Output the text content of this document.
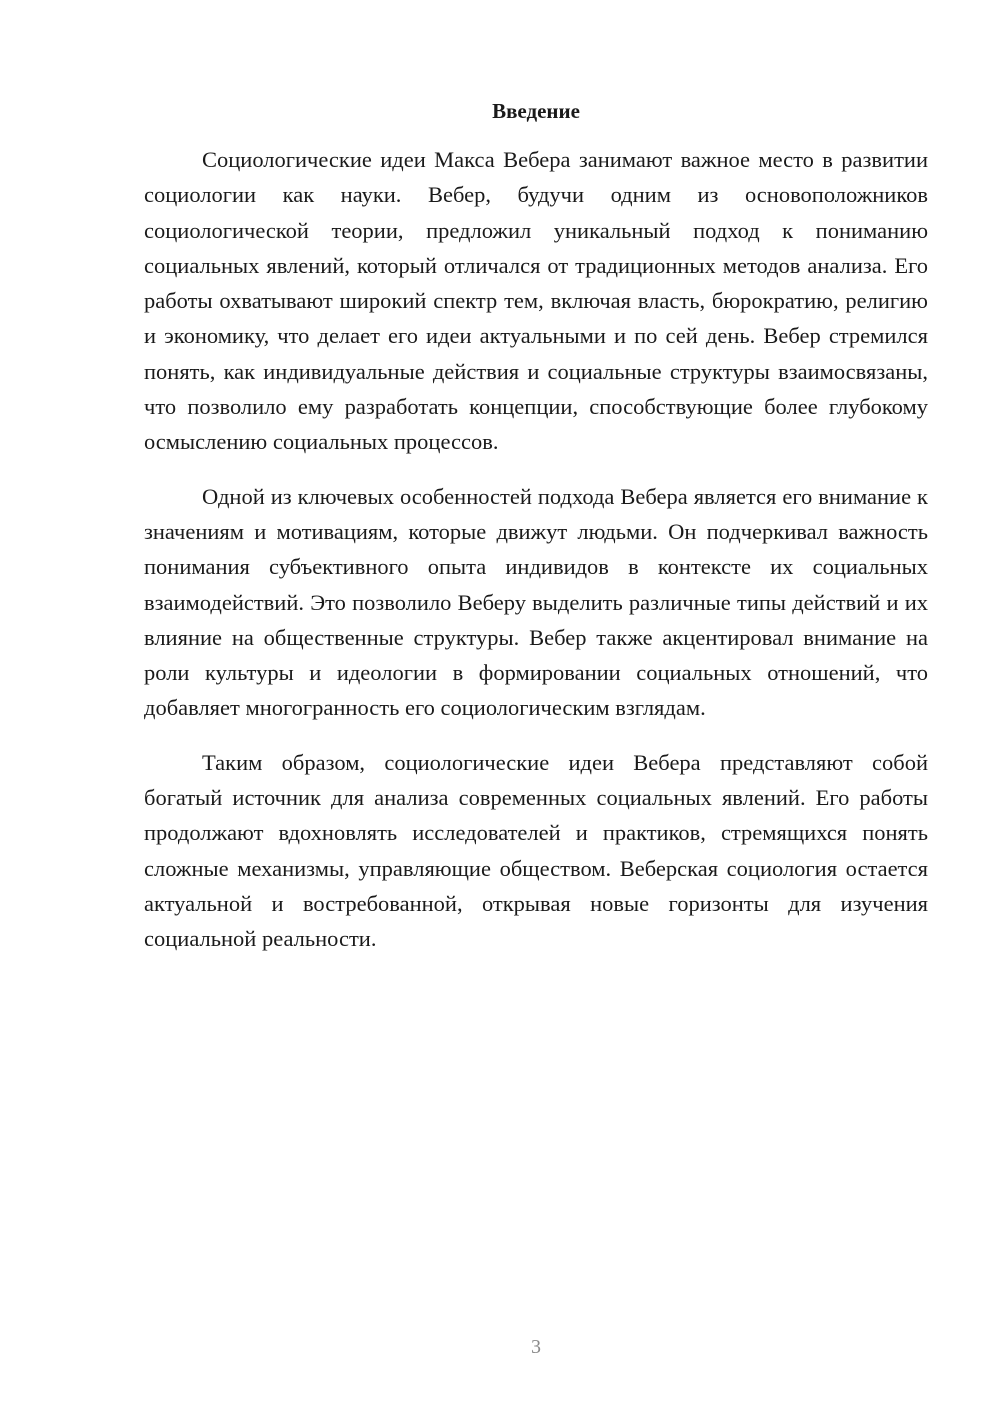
Введение

Социологические идеи Макса Вебера занимают важное место в развитии социологии как науки. Вебер, будучи одним из основоположников социологической теории, предложил уникальный подход к пониманию социальных явлений, который отличался от традиционных методов анализа. Его работы охватывают широкий спектр тем, включая власть, бюрократию, религию и экономику, что делает его идеи актуальными и по сей день. Вебер стремился понять, как индивидуальные действия и социальные структуры взаимосвязаны, что позволило ему разработать концепции, способствующие более глубокому осмыслению социальных процессов.

Одной из ключевых особенностей подхода Вебера является его внимание к значениям и мотивациям, которые движут людьми. Он подчеркивал важность понимания субъективного опыта индивидов в контексте их социальных взаимодействий. Это позволило Веберу выделить различные типы действий и их влияние на общественные структуры. Вебер также акцентировал внимание на роли культуры и идеологии в формировании социальных отношений, что добавляет многогранность его социологическим взглядам.

Таким образом, социологические идеи Вебера представляют собой богатый источник для анализа современных социальных явлений. Его работы продолжают вдохновлять исследователей и практиков, стремящихся понять сложные механизмы, управляющие обществом. Веберская социология остается актуальной и востребованной, открывая новые горизонты для изучения социальной реальности.

3
